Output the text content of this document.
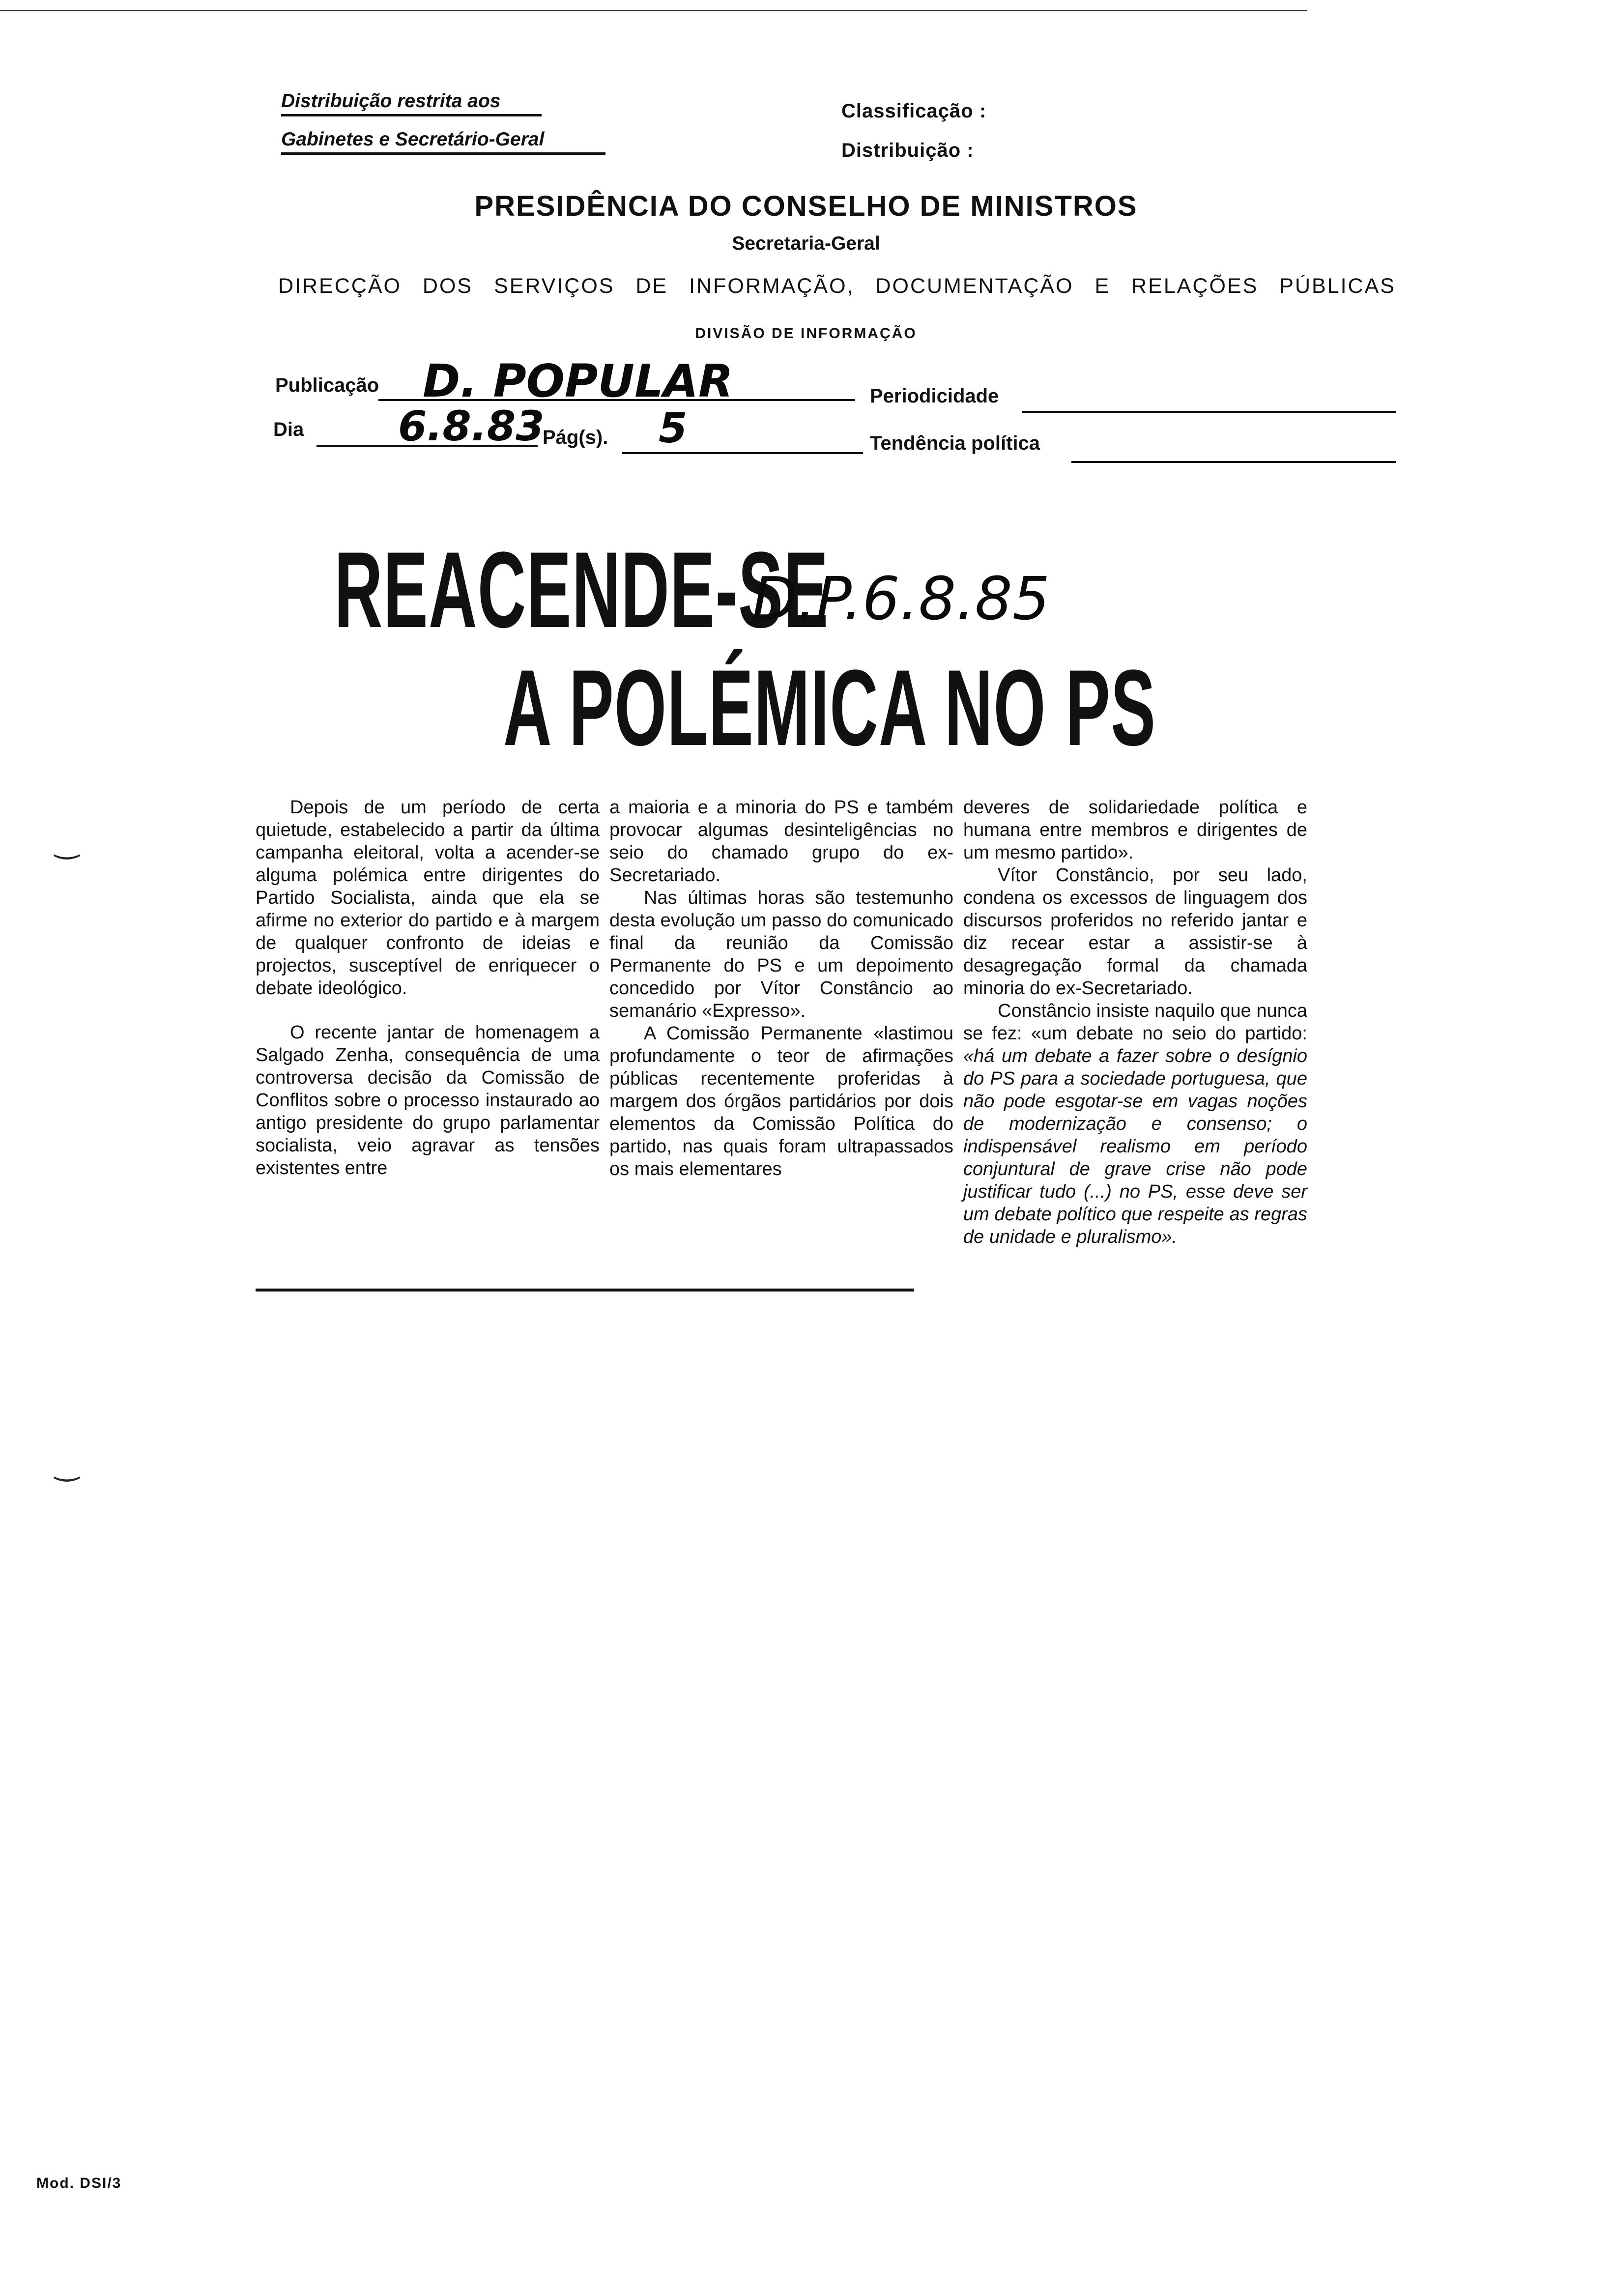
Distribuição restrita aos
Gabinetes e Secretário-Geral
Classificação :
Distribuição :
PRESIDÊNCIA DO CONSELHO DE MINISTROS
Secretaria-Geral
DIRECÇÃO DOS SERVIÇOS DE INFORMAÇÃO, DOCUMENTAÇÃO E RELAÇÕES PÚBLICAS
DIVISÃO DE INFORMAÇÃO
Publicação D. POPULAR	Periodicidade
Dia 6.8.83
Pág(s). 5	Tendência política
REACENDE-SE
A POLÉMICA NO PS
D.P.6.8.85

Depois de um período de certa quietude, estabelecido a partir da última campanha eleitoral, volta a acender-se alguma polémica entre dirigentes do Partido Socialista, ainda que ela se afirme no exterior do partido e à margem de qualquer confronto de ideias e projectos, susceptível de enriquecer o debate ideológico.

O recente jantar de homenagem a Salgado Zenha, consequência de uma controversa decisão da Comissão de Conflitos sobre o processo instaurado ao antigo presidente do grupo parlamentar socialista, veio agravar as tensões existentes entre

a maioria e a minoria do PS e também provocar algumas desinteligências no seio do chamado grupo do ex-Secretariado.

Nas últimas horas são testemunho desta evolução um passo do comunicado final da reunião da Comissão Permanente do PS e um depoimento concedido por Vítor Constâncio ao semanário «Expresso».

A Comissão Permanente «lastimou profundamente o teor de afirmações públicas recentemente proferidas à margem dos órgãos partidários por dois elementos da Comissão Política do partido, nas quais foram ultrapassados os mais elementares

deveres de solidariedade política e humana entre membros e dirigentes de um mesmo partido».

Vítor Constâncio, por seu lado, condena os excessos de linguagem dos discursos proferidos no referido jantar e diz recear estar a assistir-se à desagregação formal da chamada minoria do ex-Secretariado.

Constâncio insiste naquilo que nunca se fez: «um debate no seio do partido: «há um debate a fazer sobre o desígnio do PS para a sociedade portuguesa, que não pode esgotar-se em vagas noções de modernização e consenso; o indispensável realismo em período conjuntural de grave crise não pode justificar tudo (...) no PS, esse deve ser um debate político que respeite as regras de unidade e pluralismo».

‿
‿
Mod. DSI/3
